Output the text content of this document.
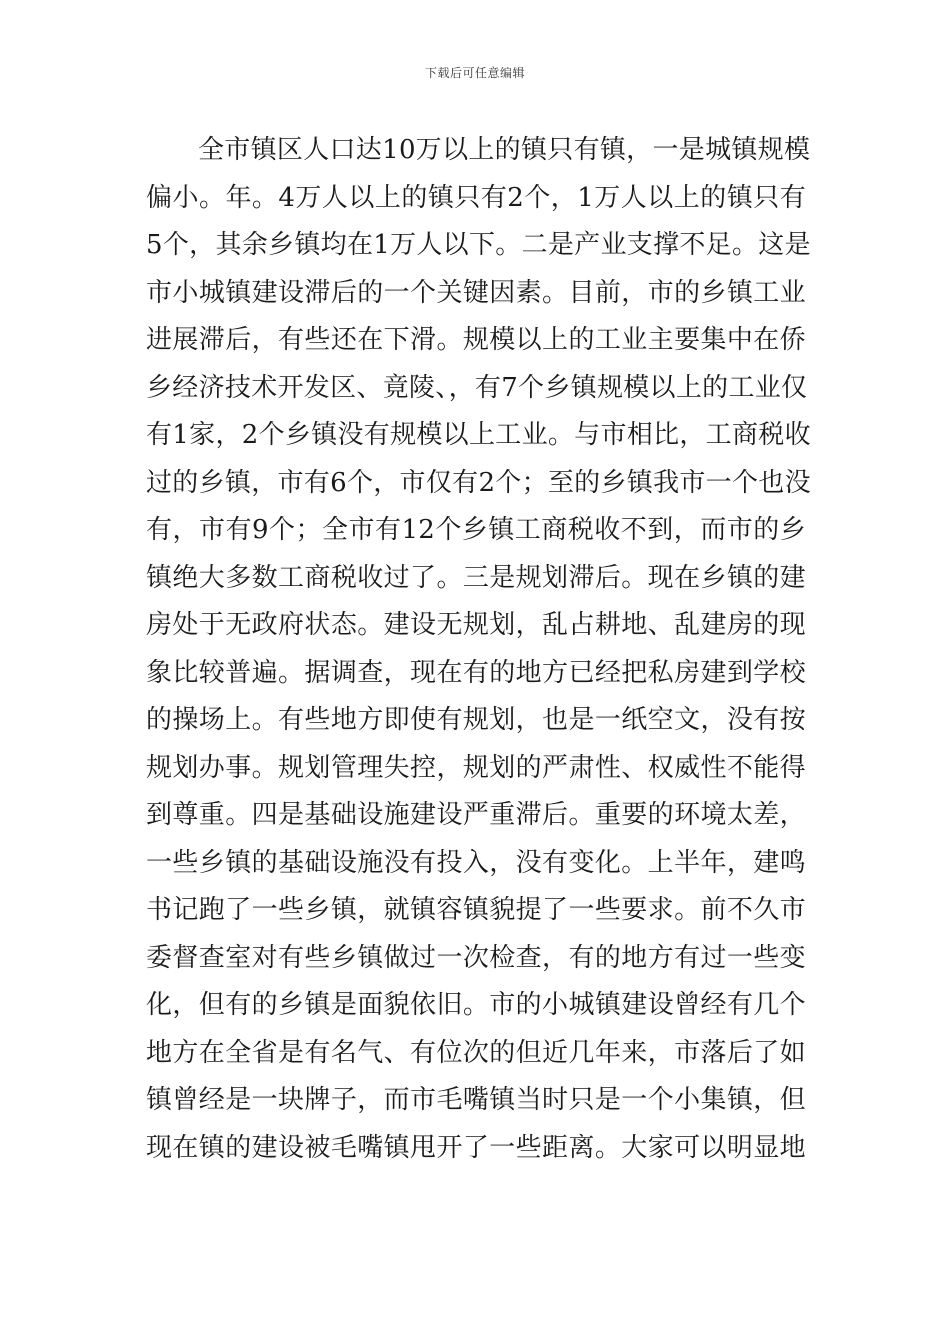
下载后可任意编辑
全市镇区人口达10万以上的镇只有镇，一是城镇规模
偏小。年。4万人以上的镇只有2个，1万人以上的镇只有
5个，其余乡镇均在1万人以下。二是产业支撑不足。这是
市小城镇建设滞后的一个关键因素。目前，市的乡镇工业
进展滞后，有些还在下滑。规模以上的工业主要集中在侨
乡经济技术开发区、竟陵、，有7个乡镇规模以上的工业仅
有1家，2个乡镇没有规模以上工业。与市相比，工商税收
过的乡镇，市有6个，市仅有2个；至的乡镇我市一个也没
有，市有9个；全市有12个乡镇工商税收不到，而市的乡
镇绝大多数工商税收过了。三是规划滞后。现在乡镇的建
房处于无政府状态。建设无规划，乱占耕地、乱建房的现
象比较普遍。据调查，现在有的地方已经把私房建到学校
的操场上。有些地方即使有规划，也是一纸空文，没有按
规划办事。规划管理失控，规划的严肃性、权威性不能得
到尊重。四是基础设施建设严重滞后。重要的环境太差，
一些乡镇的基础设施没有投入，没有变化。上半年，建鸣
书记跑了一些乡镇，就镇容镇貌提了一些要求。前不久市
委督查室对有些乡镇做过一次检查，有的地方有过一些变
化，但有的乡镇是面貌依旧。市的小城镇建设曾经有几个
地方在全省是有名气、有位次的但近几年来，市落后了如
镇曾经是一块牌子，而市毛嘴镇当时只是一个小集镇，但
现在镇的建设被毛嘴镇甩开了一些距离。大家可以明显地
